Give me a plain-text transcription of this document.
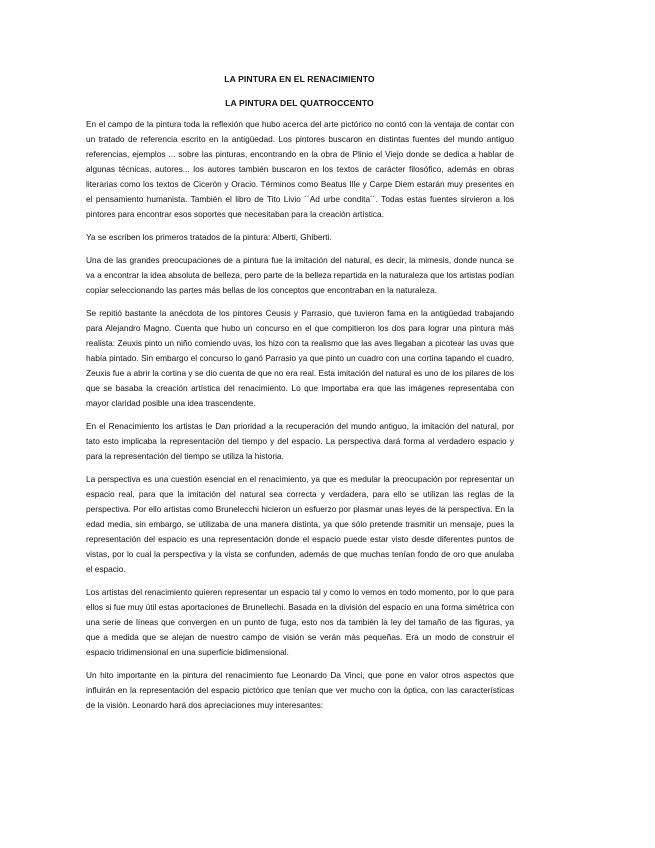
LA PINTURA EN EL RENACIMIENTO
LA PINTURA DEL QUATROCCENTO

En el campo de la pintura toda la reflexión que hubo acerca del arte pictórico no contó con la ventaja de contar con un tratado de referencia escrito en la antigüedad. Los pintores buscaron en distintas fuentes del mundo antiguo referencias, ejemplos ... sobre las pinturas, encontrando en la obra de Plinio el Viejo donde se dedica a hablar de algunas técnicas, autores... los autores también buscaron en los textos de carácter filosófico, además en obras literarias como los textos de Cicerón y Oracio. Términos como Beatus Ille y Carpe Diem estarán muy presentes en el pensamiento humanista. También el libro de Tito Livio ´´Ad urbe condita´´. Todas estas fuentes sirvieron a los pintores para encontrar esos soportes que necesitaban para la creación artística.

Ya se escriben los primeros tratados de la pintura: Alberti, Ghiberti.

Una de las grandes preocupaciones de a pintura fue la imitación del natural, es decir, la mimesis, donde nunca se va a encontrar la idea absoluta de belleza, pero parte de la belleza repartida en la naturaleza que los artistas podían copiar seleccionando las partes más bellas de los conceptos que encontraban en la naturaleza.

Se repitió bastante la anécdota de los pintores Ceusis y Parrasio, que tuvieron fama en la antigüedad trabajando para Alejandro Magno. Cuenta que hubo un concurso en el que compitieron los dos para lograr una pintura más realista: Zeuxis pinto un niño comiendo uvas, los hizo con ta realismo que las aves llegaban a picotear las uvas que había pintado. Sin embargo el concurso lo ganó Parrasio ya que pinto un cuadro con una cortina tapando el cuadro, Zeuxis fue a abrir la cortina y se dio cuenta de que no era real. Esta imitación del natural es uno de los pilares de los que se basaba la creación artística del renacimiento. Lo que importaba era que las imágenes representaba con mayor claridad posible una idea trascendente.

En el Renacimiento los artistas le Dan prioridad a la recuperación del mundo antiguo, la imitación del natural, por tato esto implicaba la representación del tiempo y del espacio. La perspectiva dará forma al verdadero espacio y para la representación del tiempo se utiliza la historia.

La perspectiva es una cuestión esencial en el renacimiento, ya que es medular la preocupación por representar un espacio real, para que la imitación del natural sea correcta y verdadera, para ello se utilizan las reglas de la perspectiva. Por ello artistas como Brunelecchi hicieron un esfuerzo por plasmar unas leyes de la perspectiva. En la edad media, sin embargo, se utilizaba de una manera distinta, ya que sólo pretende trasmitir un mensaje, pues la representación del espacio es una representación donde el espacio puede estar visto desde diferentes puntos de vistas, por lo cual la perspectiva y la vista se confunden, además de que muchas tenían fondo de oro que anulaba el espacio.

Los artistas del renacimiento quieren representar un espacio tal y como lo vemos en todo momento, por lo que para ellos si fue muy útil estas aportaciones de Brunellechi. Basada en la división del espacio en una forma simétrica con una serie de líneas que convergen en un punto de fuga, esto nos da también la ley del tamaño de las figuras, ya que a medida que se alejan de nuestro campo de visión se verán más pequeñas. Era un modo de construir el espacio tridimensional en una superficie bidimensional.

Un hito importante en la pintura del renacimiento fue Leonardo Da Vinci, que pone en valor otros aspectos que influirán en la representación del espacio pictórico que tenían que ver mucho con la óptica, con las características de la visión. Leonardo hará dos apreciaciones muy interesantes:
